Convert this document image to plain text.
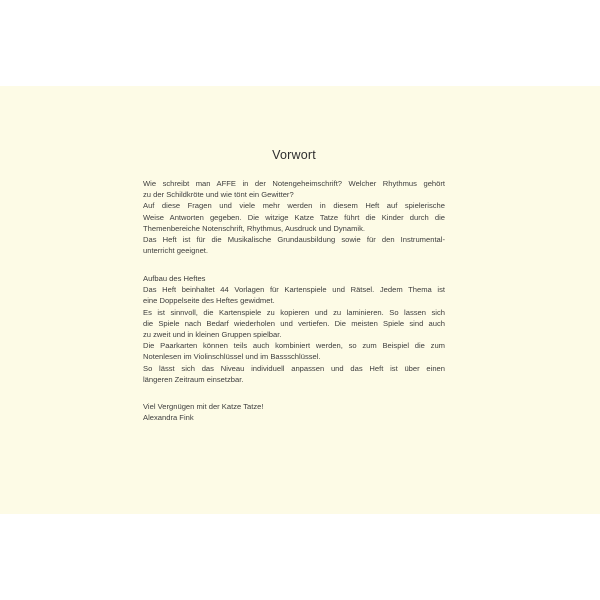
Vorwort
Wie schreibt man AFFE in der Notengeheimschrift? Welcher Rhythmus gehört
zu der Schildkröte und wie tönt ein Gewitter?
Auf diese Fragen und viele mehr werden in diesem Heft auf spielerische
Weise Antworten gegeben. Die witzige Katze Tatze führt die Kinder durch die
Themenbereiche Notenschrift, Rhythmus, Ausdruck und Dynamik.
Das Heft ist für die Musikalische Grundausbildung sowie für den Instrumental-
unterricht geeignet.
Aufbau des Heftes
Das Heft beinhaltet 44 Vorlagen für Kartenspiele und Rätsel. Jedem Thema ist
eine Doppelseite des Heftes gewidmet.
Es ist sinnvoll, die Kartenspiele zu kopieren und zu laminieren. So lassen sich
die Spiele nach Bedarf wiederholen und vertiefen. Die meisten Spiele sind auch
zu zweit und in kleinen Gruppen spielbar.
Die Paarkarten können teils auch kombiniert werden, so zum Beispiel die zum
Notenlesen im Violinschlüssel und im Bassschlüssel.
So lässt sich das Niveau individuell anpassen und das Heft ist über einen
längeren Zeitraum einsetzbar.
Viel Vergnügen mit der Katze Tatze!
Alexandra Fink
